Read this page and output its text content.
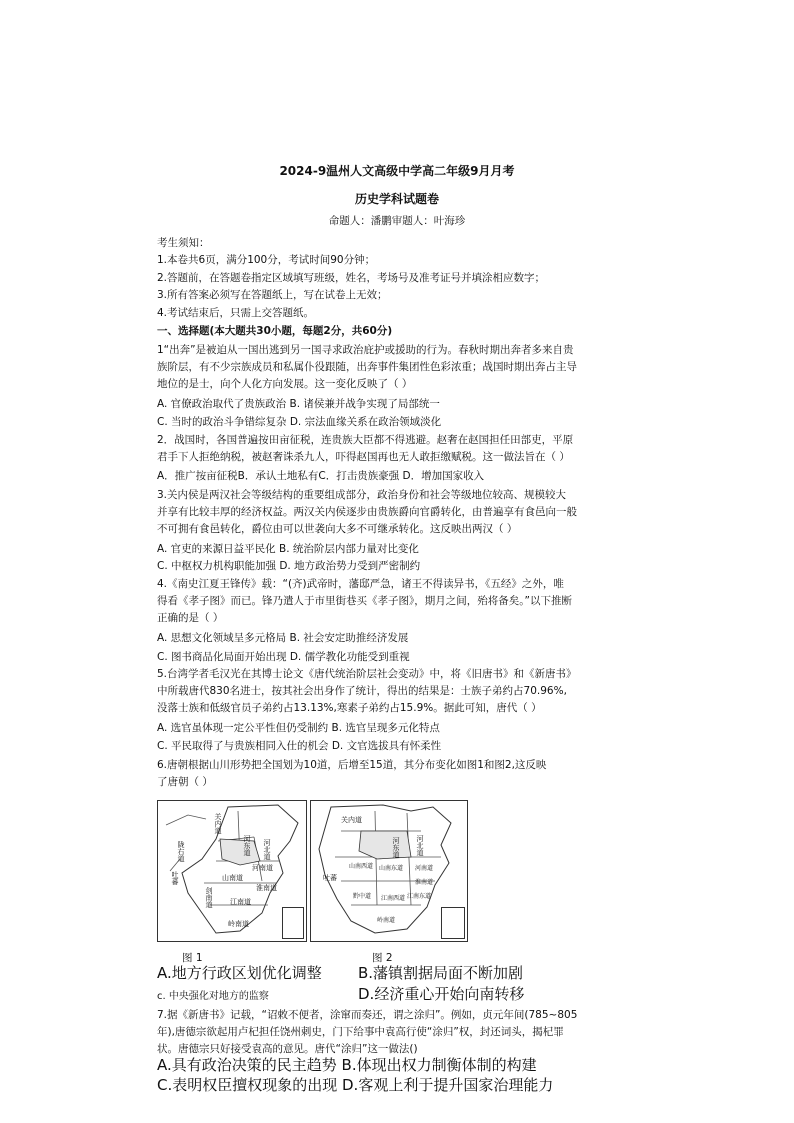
2024-9温州人文高级中学高二年级9月月考
历史学科试题卷
命题人：潘鹏审题人：叶海珍
考生须知：
1.本卷共6页，满分100分，考试时间90分钟；
2.答题前，在答题卷指定区域填写班级，姓名，考场号及准考证号并填涂相应数字；
3.所有答案必须写在答题纸上，写在试卷上无效；
4.考试结束后，只需上交答题纸。
一、选择题(本大题共30小题，每题2分，共60分)
1“出奔”是被迫从一国出逃到另一国寻求政治庇护或援助的行为。春秋时期出奔者多来自贵
族阶层，有不少宗族成员和私属仆役跟随，出奔事件集团性色彩浓重；战国时期出奔占主导
地位的是士，向个人化方向发展。这一变化反映了（ ）
A. 官僚政治取代了贵族政治 B. 诸侯兼并战争实现了局部统一
C. 当时的政治斗争错综复杂 D. 宗法血缘关系在政治领域淡化
2．战国时，各国普遍按田亩征税，连贵族大臣都不得逃避。赵奢在赵国担任田部吏，平原
君手下人拒绝纳税，被赵奢诛杀九人，吓得赵国再也无人敢拒缴赋税。这一做法旨在（ ）
A．推广按亩征税B．承认土地私有C．打击贵族豪强 D．增加国家收入
3.关内侯是两汉社会等级结构的重要组成部分，政治身份和社会等级地位较高、规模较大
并享有比较丰厚的经济权益。两汉关内侯逐步由贵族爵向官爵转化，由普遍享有食邑向一般
不可拥有食邑转化，爵位由可以世袭向大多不可继承转化。这反映出两汉（ ）
A. 官吏的来源日益平民化 B. 统治阶层内部力量对比变化
C. 中枢权力机构职能加强 D. 地方政治势力受到严密制约
4.《南史江夏王锋传》载：“(齐)武帝时，藩邸严急，诸王不得读异书，《五经》之外，唯
得看《孝子图》而已。锋乃遣人于市里街巷买《孝子图》，期月之间，殆将备矣。”以下推断
正确的是（ ）
A. 思想文化领域呈多元格局 B. 社会安定助推经济发展
C. 图书商品化局面开始出现 D. 儒学教化功能受到重视
5.台湾学者毛汉光在其博士论文《唐代统治阶层社会变动》中，将《旧唐书》和《新唐书》
中所载唐代830名进士，按其社会出身作了统计，得出的结果是：士族子弟约占70.96%,
没落士族和低级官员子弟约占13.13%,寒素子弟约占15.9%。据此可知，唐代（ ）
A. 选官虽体现一定公平性但仍受制约 B. 选官呈现多元化特点
C. 平民取得了与贵族相同入仕的机会 D. 文官选拔具有怀柔性
6.唐朝根据山川形势把全国划为10道，后增至15道，其分布变化如图1和图2,这反映
了唐朝（ ）
关内道
河北道
河东道
陇右道
吐蕃
河南道
山南道
淮南道
剑南道 江南道
岭南道
关内道
河北道
河东道
吐蕃
山南西道 山南东道 河南道
淮南道
江南东道
江南西道
黔中道
岭南道
图 1	图 2
A.地方行政区划优化调整 B.藩镇割据局面不断加剧
c. 中央强化对地方的监察	D.经济重心开始向南转移
7.据《新唐书》记载，“诏敕不便者，涂窜而奏还，谓之涂归”。例如，贞元年间(785~805
年),唐德宗欲起用卢杞担任饶州刺史，门下给事中袁高行使“涂归”权，封还词头，揭杞罪
状。唐德宗只好接受袁高的意见。唐代“涂归”这一做法()
A.具有政治决策的民主趋势 B.体现出权力制衡体制的构建
C.表明权臣擅权现象的出现 D.客观上利于提升国家治理能力
